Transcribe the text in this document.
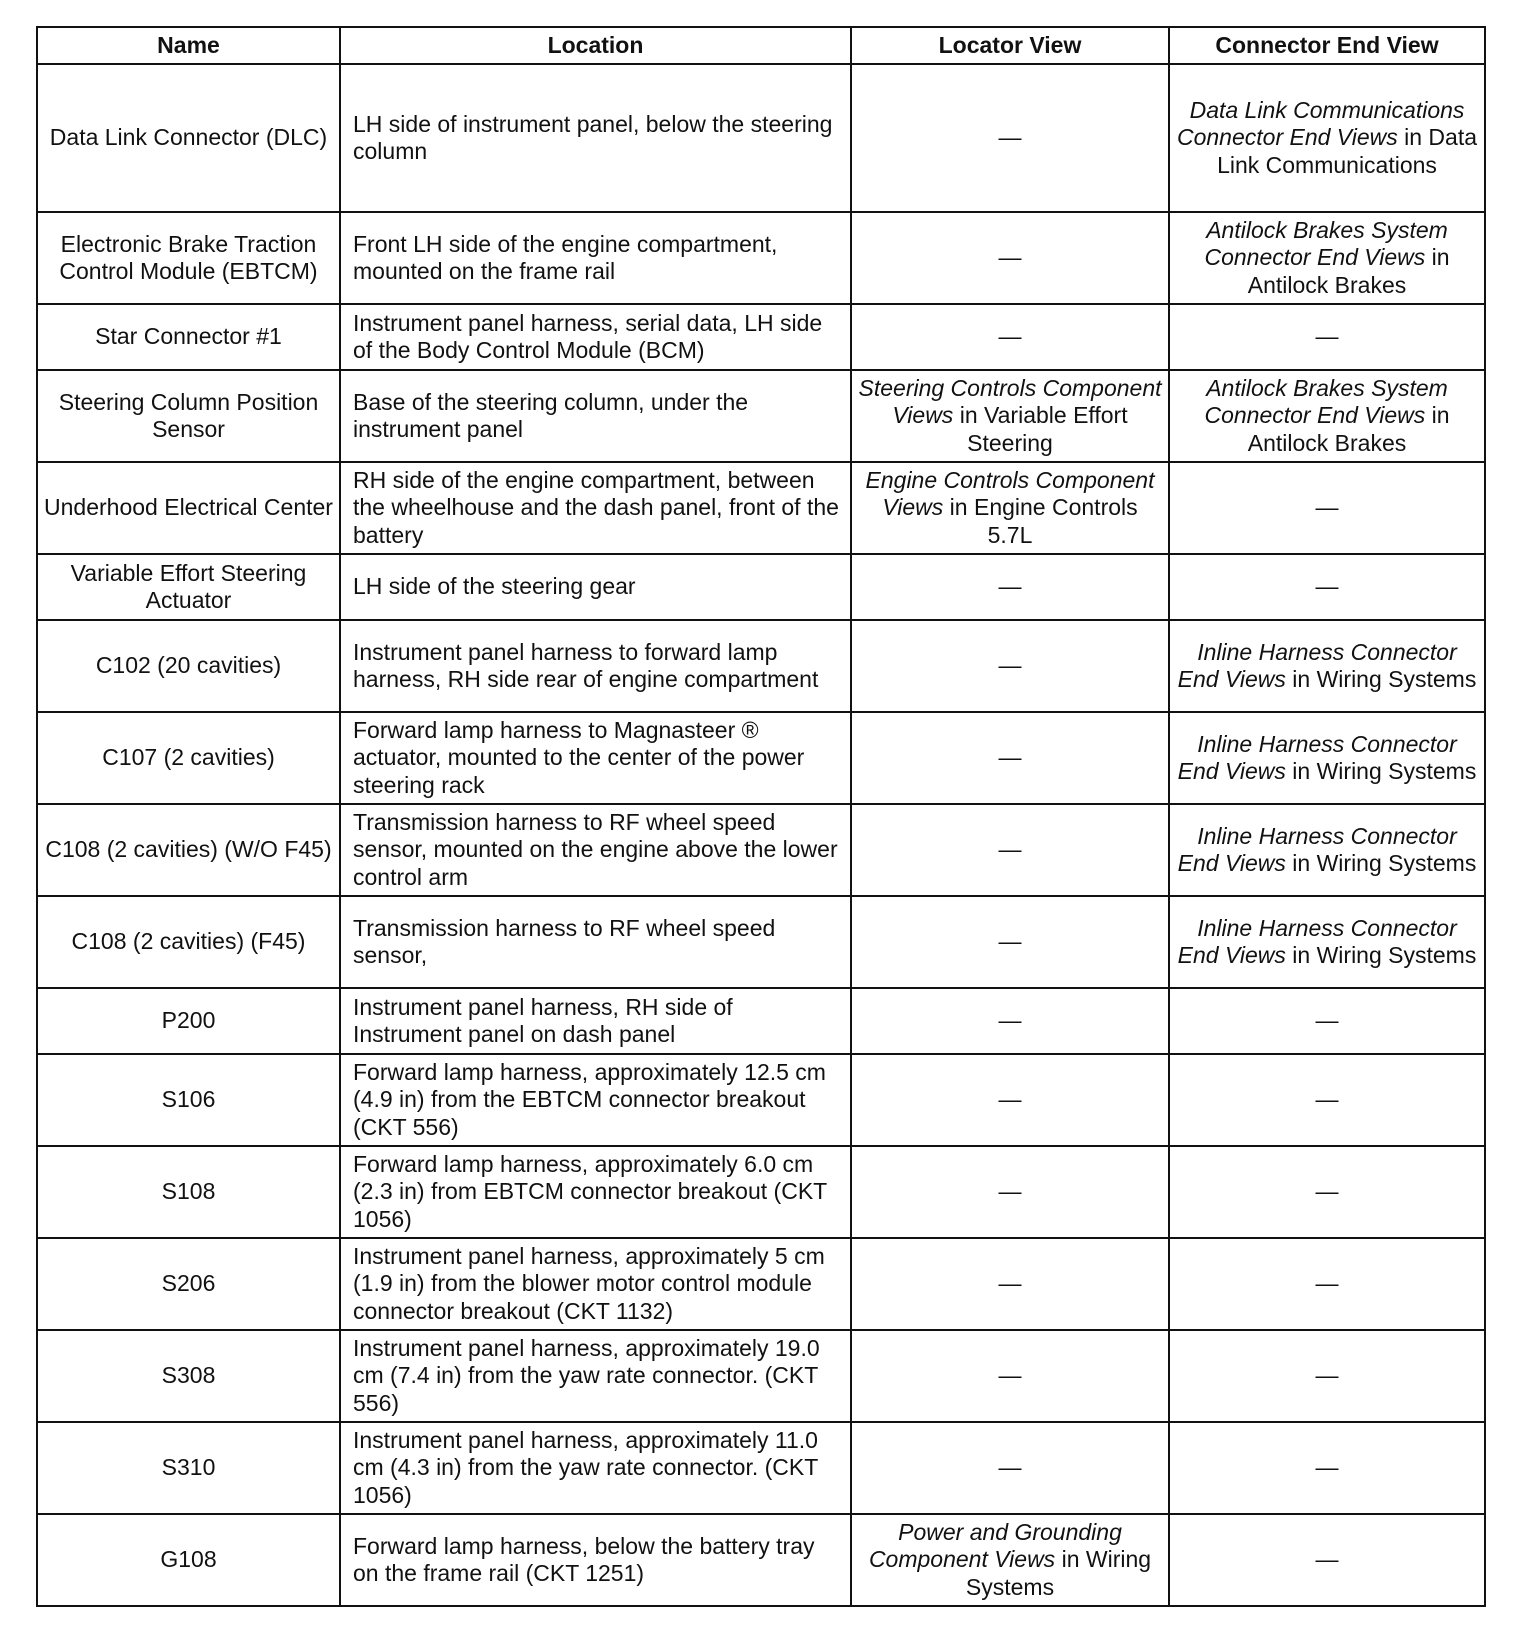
Name	Location	Locator View	Connector End View
Data Link Connector (DLC)	LH side of instrument panel, below the steering column	—	Data Link Communications Connector End Views in Data Link Communications
Electronic Brake Traction Control Module (EBTCM)	Front LH side of the engine compartment, mounted on the frame rail	—	Antilock Brakes System Connector End Views in Antilock Brakes
Star Connector #1	Instrument panel harness, serial data, LH side of the Body Control Module (BCM)	—	—
Steering Column Position Sensor	Base of the steering column, under the instrument panel	Steering Controls Component Views in Variable Effort Steering	Antilock Brakes System Connector End Views in Antilock Brakes
Underhood Electrical Center	RH side of the engine compartment, between the wheelhouse and the dash panel, front of the battery	Engine Controls Component Views in Engine Controls 5.7L	—
Variable Effort Steering Actuator	LH side of the steering gear	—	—
C102 (20 cavities)	Instrument panel harness to forward lamp harness, RH side rear of engine compartment	—	Inline Harness Connector End Views in Wiring Systems
C107 (2 cavities)	Forward lamp harness to Magnasteer ® actuator, mounted to the center of the power steering rack	—	Inline Harness Connector End Views in Wiring Systems
C108 (2 cavities) (W/O F45)	Transmission harness to RF wheel speed sensor, mounted on the engine above the lower control arm	—	Inline Harness Connector End Views in Wiring Systems
C108 (2 cavities) (F45)	Transmission harness to RF wheel speed sensor,	—	Inline Harness Connector End Views in Wiring Systems
P200	Instrument panel harness, RH side of Instrument panel on dash panel	—	—
S106	Forward lamp harness, approximately 12.5 cm (4.9 in) from the EBTCM connector breakout (CKT 556)	—	—
S108	Forward lamp harness, approximately 6.0 cm (2.3 in) from EBTCM connector breakout (CKT 1056)	—	—
S206	Instrument panel harness, approximately 5 cm (1.9 in) from the blower motor control module connector breakout (CKT 1132)	—	—
S308	Instrument panel harness, approximately 19.0 cm (7.4 in) from the yaw rate connector. (CKT 556)	—	—
S310	Instrument panel harness, approximately 11.0 cm (4.3 in) from the yaw rate connector. (CKT 1056)	—	—
G108	Forward lamp harness, below the battery tray on the frame rail (CKT 1251)	Power and Grounding Component Views in Wiring Systems	—
